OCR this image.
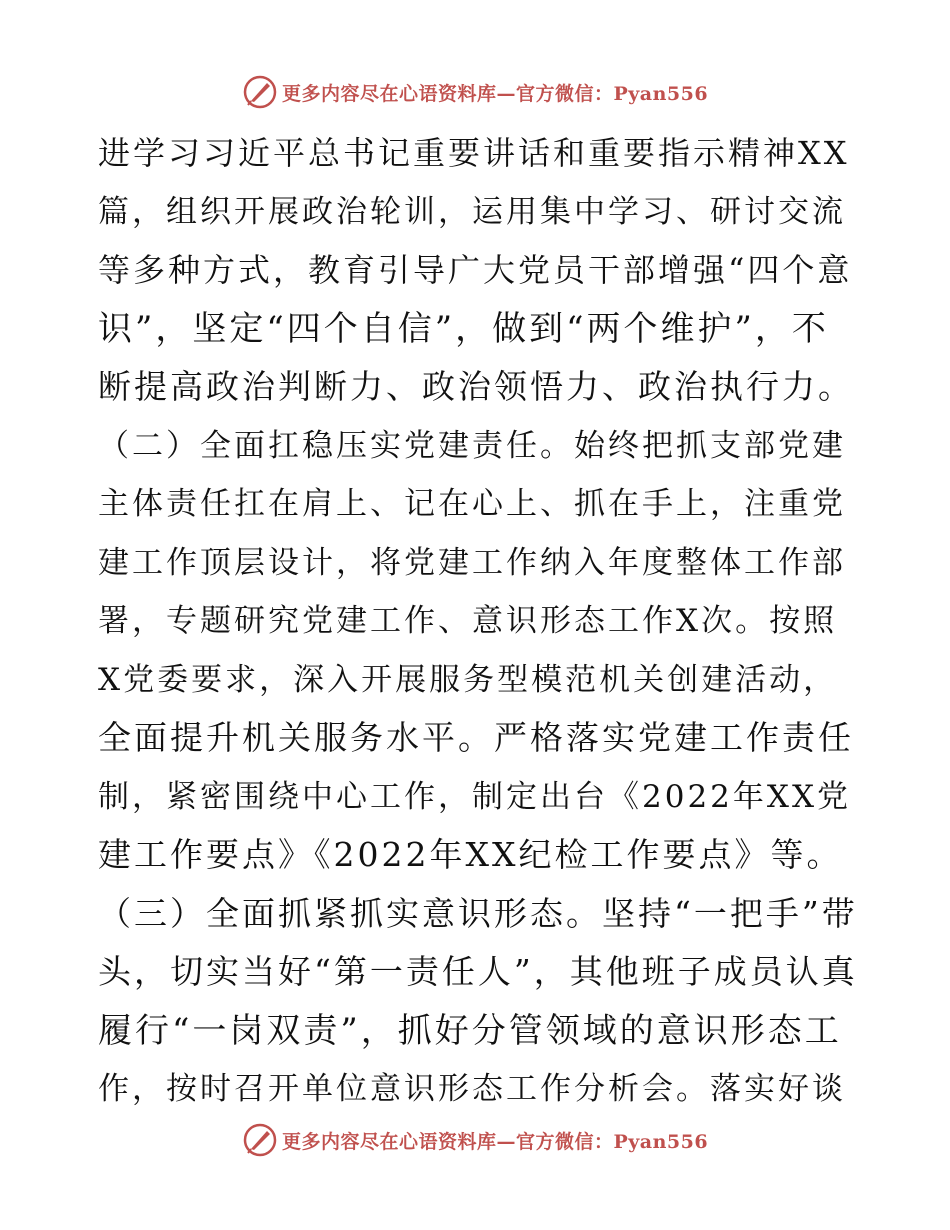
更多内容尽在心语资料库—官方微信：Pyan556
进学习习近平总书记重要讲话和重要指示精神XX
篇，组织开展政治轮训，运用集中学习、研讨交流
等多种方式，教育引导广大党员干部增强“四个意
识”，坚定“四个自信”，做到“两个维护”，不
断提高政治判断力、政治领悟力、政治执行力。
（二）全面扛稳压实党建责任。始终把抓支部党建
主体责任扛在肩上、记在心上、抓在手上，注重党
建工作顶层设计，将党建工作纳入年度整体工作部
署，专题研究党建工作、意识形态工作X次。按照
X党委要求，深入开展服务型模范机关创建活动，
全面提升机关服务水平。严格落实党建工作责任
制，紧密围绕中心工作，制定出台《2022年XX党
建工作要点》《2022年XX纪检工作要点》等。
（三）全面抓紧抓实意识形态。坚持“一把手”带
头，切实当好“第一责任人”，其他班子成员认真
履行“一岗双责”，抓好分管领域的意识形态工
作，按时召开单位意识形态工作分析会。落实好谈
更多内容尽在心语资料库—官方微信：Pyan556
